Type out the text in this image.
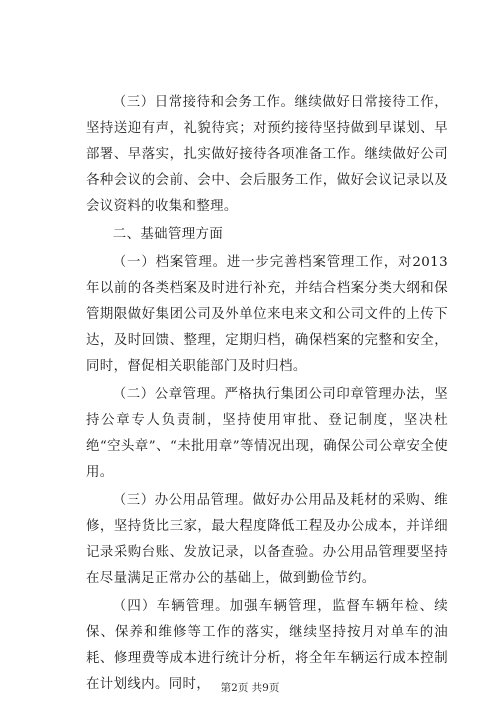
（三）日常接待和会务工作。继续做好日常接待工作，坚持送迎有声，礼貌待宾；对预约接待坚持做到早谋划、早部署、早落实，扎实做好接待各项准备工作。继续做好公司各种会议的会前、会中、会后服务工作，做好会议记录以及会议资料的收集和整理。

二、基础管理方面

（一）档案管理。进一步完善档案管理工作，对2013年以前的各类档案及时进行补充，并结合档案分类大纲和保管期限做好集团公司及外单位来电来文和公司文件的上传下达，及时回馈、整理，定期归档，确保档案的完整和安全，同时，督促相关职能部门及时归档。

（二）公章管理。严格执行集团公司印章管理办法，坚持公章专人负责制，坚持使用审批、登记制度，坚决杜绝“空头章”、“未批用章”等情况出现，确保公司公章安全使用。

（三）办公用品管理。做好办公用品及耗材的采购、维修，坚持货比三家，最大程度降低工程及办公成本，并详细记录采购台账、发放记录，以备查验。办公用品管理要坚持在尽量满足正常办公的基础上，做到勤俭节约。

（四）车辆管理。加强车辆管理，监督车辆年检、续保、保养和维修等工作的落实，继续坚持按月对单车的油耗、修理费等成本进行统计分析，将全年车辆运行成本控制在计划线内。同时，	第2页 共9页
